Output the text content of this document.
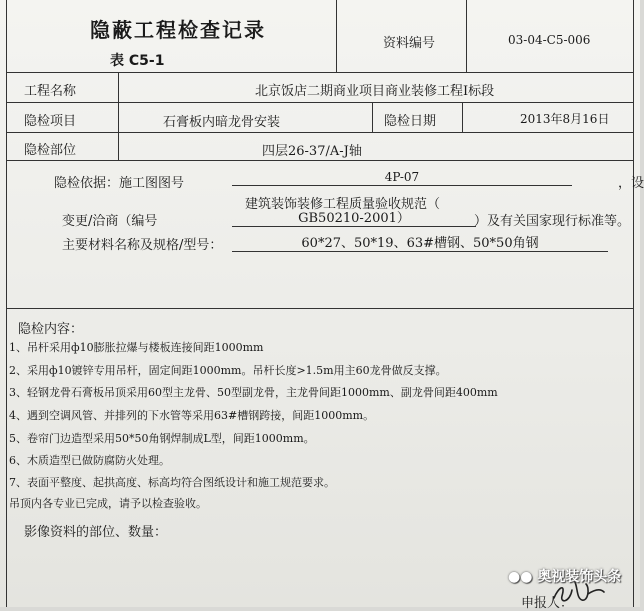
隐蔽工程检查记录
表 C5-1
资料编号	03-04-C5-006
工程名称	北京饭店二期商业项目商业装修工程I标段
隐检项目	石膏板内暗龙骨安装	隐检日期	2013年8月16日
隐检部位	四层26-37/A-J轴
隐检依据：施工图图号	4P-07	，设
建筑装饰装修工程质量验收规范（
变更/洽商（编号	GB50210-2001）	）及有关国家现行标准等。
主要材料名称及规格/型号：	60*27、50*19、63#槽钢、50*50角钢
隐检内容：
1、吊杆采用ф10膨胀拉爆与楼板连接间距1000mm
2、采用ф10镀锌专用吊杆，固定间距1000mm。吊杆长度>1.5m用主60龙骨做反支撑。
3、轻钢龙骨石膏板吊顶采用60型主龙骨、50型副龙骨，主龙骨间距1000mm、副龙骨间距400mm
4、遇到空调风管、并排列的下水管等采用63#槽钢跨接，间距1000mm。
5、卷帘门边造型采用50*50角钢焊制成L型，间距1000mm。
6、木质造型已做防腐防火处理。
7、表面平整度、起拱高度、标高均符合图纸设计和施工规范要求。
吊顶内各专业已完成，请予以检查验收。
影像资料的部位、数量：
申报人：
●● 奥视装饰头条
